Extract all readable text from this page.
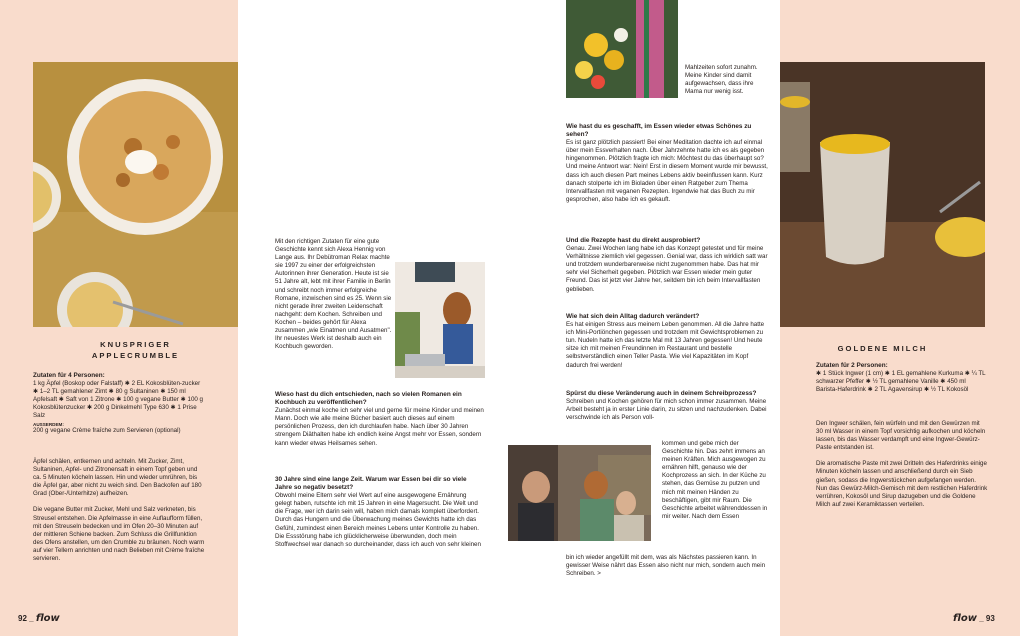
KNUSPRIGER
APPLECRUMBLE
Zutaten für 4 Personen:
1 kg Äpfel (Boskop oder Falstaff) ✱ 2 EL Kokosblüten-zucker ✱ 1–2 TL gemahlener Zimt ✱ 80 g Sultaninen ✱ 150 ml Apfelsaft ✱ Saft von 1 Zitrone ✱ 100 g vegane Butter ✱ 100 g Kokosblütenzucker ✱ 200 g Dinkelmehl Type 630 ✱ 1 Prise Salz
AUSSERDEM:
200 g vegane Crème fraîche zum Servieren (optional)

Äpfel schälen, entkernen und achteln. Mit Zucker, Zimt, Sultaninen, Apfel- und Zitronensaft in einem Topf geben und ca. 5 Minuten köcheln lassen. Hin und wieder umrühren, bis die Äpfel gar, aber nicht zu weich sind. Den Backofen auf 180 Grad (Ober-/Unterhitze) aufheizen.

Die vegane Butter mit Zucker, Mehl und Salz verkneten, bis Streusel entstehen. Die Apfelmasse in eine Auflaufform füllen, mit den Streuseln bedecken und im Ofen 20–30 Minuten auf der mittleren Schiene backen. Zum Schluss die Grillfunktion des Ofens anstellen, um den Crumble zu bräunen. Noch warm auf vier Tellern anrichten und nach Belieben mit Crème fraîche servieren.

92 _ flow

Mit den richtigen Zutaten für eine gute Geschichte kennt sich Alexa Hennig von Lange aus. Ihr Debütroman Relax machte sie 1997 zu einer der erfolgreichsten Autorinnen ihrer Generation. Heute ist sie 51 Jahre alt, lebt mit ihrer Familie in Berlin und schreibt noch immer erfolgreiche Romane, inzwischen sind es 25. Wenn sie nicht gerade ihrer zweiten Leidenschaft nachgeht: dem Kochen. Schreiben und Kochen – beides gehört für Alexa zusammen „wie Einatmen und Ausatmen". Ihr neuestes Werk ist deshalb auch ein Kochbuch geworden.

Wieso hast du dich entschieden, nach so vielen Romanen ein Kochbuch zu veröffentlichen?

Zunächst einmal koche ich sehr viel und gerne für meine Kinder und meinen Mann. Doch wie alle meine Bücher basiert auch dieses auf einem persönlichen Prozess, den ich durchlaufen habe. Nach über 30 Jahren strengem Diäthalten habe ich endlich keine Angst mehr vor Essen, sondern kann wieder etwas Heilsames sehen.

30 Jahre sind eine lange Zeit. Warum war Essen bei dir so viele Jahre so negativ besetzt?

Obwohl meine Eltern sehr viel Wert auf eine ausgewogene Ernährung gelegt haben, rutschte ich mit 15 Jahren in eine Magersucht. Die Welt und die Frage, wer ich darin sein will, haben mich damals komplett überfordert. Durch das Hungern und die Überwachung meines Gewichts hatte ich das Gefühl, zumindest einen Bereich meines Lebens unter Kontrolle zu haben. Die Essstörung habe ich glücklicherweise überwunden, doch mein Stoffwechsel war danach so durcheinander, dass ich auch von sehr kleinen

Mahlzeiten sofort zunahm. Meine Kinder sind damit aufgewachsen, dass ihre Mama nur wenig isst.

Wie hast du es geschafft, im Essen wieder etwas Schönes zu sehen?

Es ist ganz plötzlich passiert! Bei einer Meditation dachte ich auf einmal über mein Essverhalten nach. Über Jahrzehnte hatte ich es als gegeben hingenommen. Plötzlich fragte ich mich: Möchtest du das überhaupt so? Und meine Antwort war: Nein! Erst in diesem Moment wurde mir bewusst, dass ich auch diesen Part meines Lebens aktiv beeinflussen kann. Kurz danach stolperte ich im Bioladen über einen Ratgeber zum Thema Intervallfasten mit veganen Rezepten. Irgendwie hat das Buch zu mir gesprochen, also habe ich es gekauft.

Und die Rezepte hast du direkt ausprobiert?

Genau. Zwei Wochen lang habe ich das Konzept getestet und für meine Verhältnisse ziemlich viel gegessen. Genial war, dass ich wirklich satt war und trotzdem wunderbarerweise nicht zugenommen habe. Das hat mir sehr viel Sicherheit gegeben. Plötzlich war Essen wieder mein guter Freund. Das ist jetzt vier Jahre her, seitdem bin ich beim Intervallfasten geblieben.

Wie hat sich dein Alltag dadurch verändert?

Es hat einigen Stress aus meinem Leben genommen. All die Jahre hatte ich Mini-Portiönchen gegessen und trotzdem mit Gewichtsproblemen zu tun. Nudeln hatte ich das letzte Mal mit 13 Jahren gegessen! Und heute sitze ich mit meinen Freundinnen im Restaurant und bestelle selbstverständlich einen Teller Pasta. Wie viel Kapazitäten im Kopf dadurch frei werden!

Spürst du diese Veränderung auch in deinem Schreibprozess?

Schreiben und Kochen gehören für mich schon immer zusammen. Meine Arbeit besteht ja in erster Linie darin, zu sitzen und nachzudenken. Dabei verschwinde ich als Person voll-

kommen und gebe mich der Geschichte hin. Das zehrt immens an meinen Kräften. Mich ausgewogen zu ernähren hilft, genauso wie der Kochprozess an sich. In der Küche zu stehen, das Gemüse zu putzen und mich mit meinen Händen zu beschäftigen, gibt mir Raum. Die Geschichte arbeitet währenddessen in mir weiter. Nach dem Essen

bin ich wieder angefüllt mit dem, was als Nächstes passieren kann. In gewisser Weise nährt das Essen also nicht nur mich, sondern auch mein Schreiben. >

GOLDENE MILCH
Zutaten für 2 Personen:
✱ 1 Stück Ingwer (1 cm) ✱ 1 EL gemahlene Kurkuma ✱ ¼ TL schwarzer Pfeffer ✱ ½ TL gemahlene Vanille ✱ 450 ml Barista-Haferdrink ✱ 2 TL Agavensirup ✱ ½ TL Kokosöl

Den Ingwer schälen, fein würfeln und mit den Gewürzen mit 30 ml Wasser in einem Topf vorsichtig aufkochen und köcheln lassen, bis das Wasser verdampft und eine Ingwer-Gewürz-Paste entstanden ist.

Die aromatische Paste mit zwei Dritteln des Haferdrinks einige Minuten köcheln lassen und anschließend durch ein Sieb gießen, sodass die Ingwerstückchen aufgefangen werden. Nun das Gewürz-Milch-Gemisch mit dem restlichen Haferdrink verrühren, Kokosöl und Sirup dazugeben und die Goldene Milch auf zwei Keramiktassen verteilen.

flow _ 93
